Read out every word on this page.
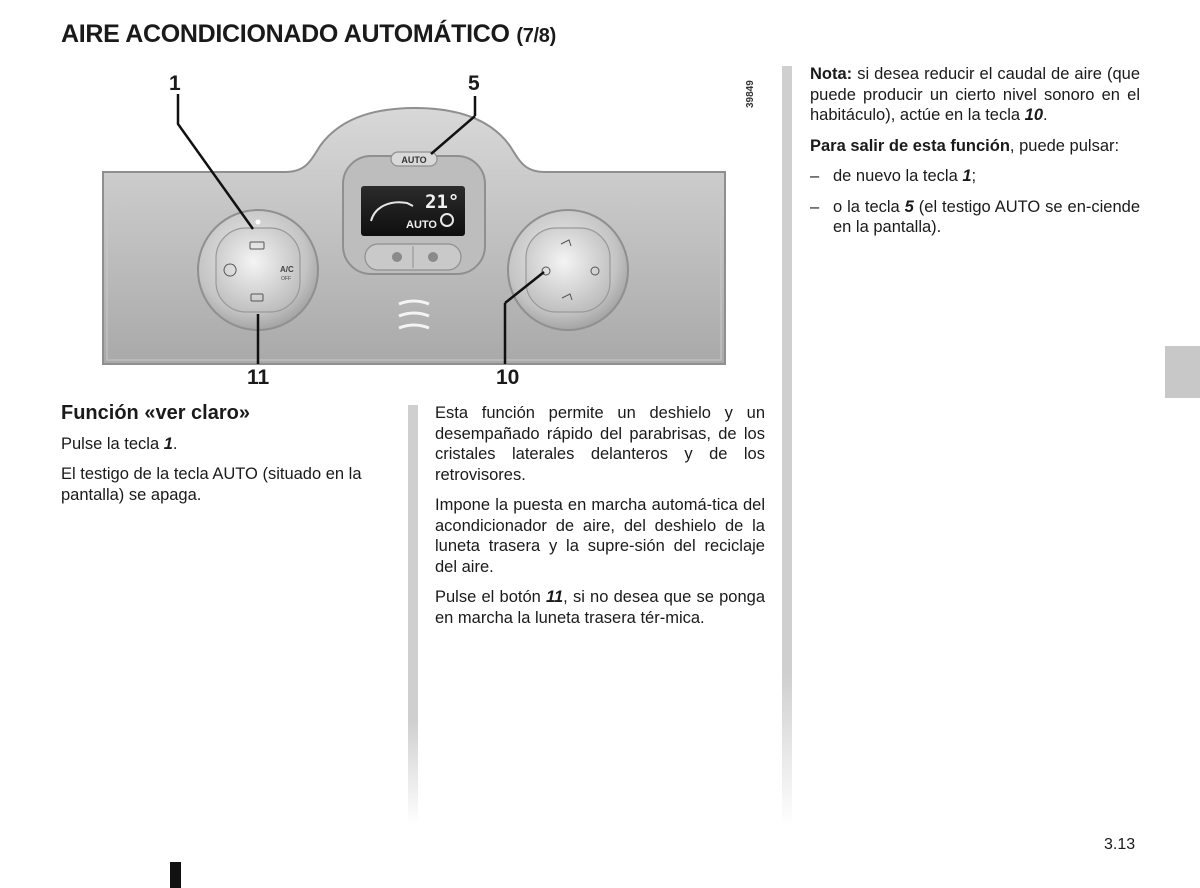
AIRE ACONDICIONADO AUTOMÁTICO (7/8)
21°
AUTO
AUTO
A/C
OFF
1	5
11	10
39849
Función «ver claro»

Pulse la tecla 1.

El testigo de la tecla AUTO (situado en la pantalla) se apaga.

Esta función permite un deshielo y un desempañado rápido del parabrisas, de los cristales laterales delanteros y de los retrovisores.

Impone la puesta en marcha automá-tica del acondicionador de aire, del deshielo de la luneta trasera y la supre-sión del reciclaje del aire.

Pulse el botón 11, si no desea que se ponga en marcha la luneta trasera tér-mica.

Nota: si desea reducir el caudal de aire (que puede producir un cierto nivel sonoro en el habitáculo), actúe en la tecla 10.

Para salir de esta función, puede pulsar:

– de nuevo la tecla 1;
– o la tecla 5 (el testigo AUTO se en-ciende en la pantalla).
3.13
